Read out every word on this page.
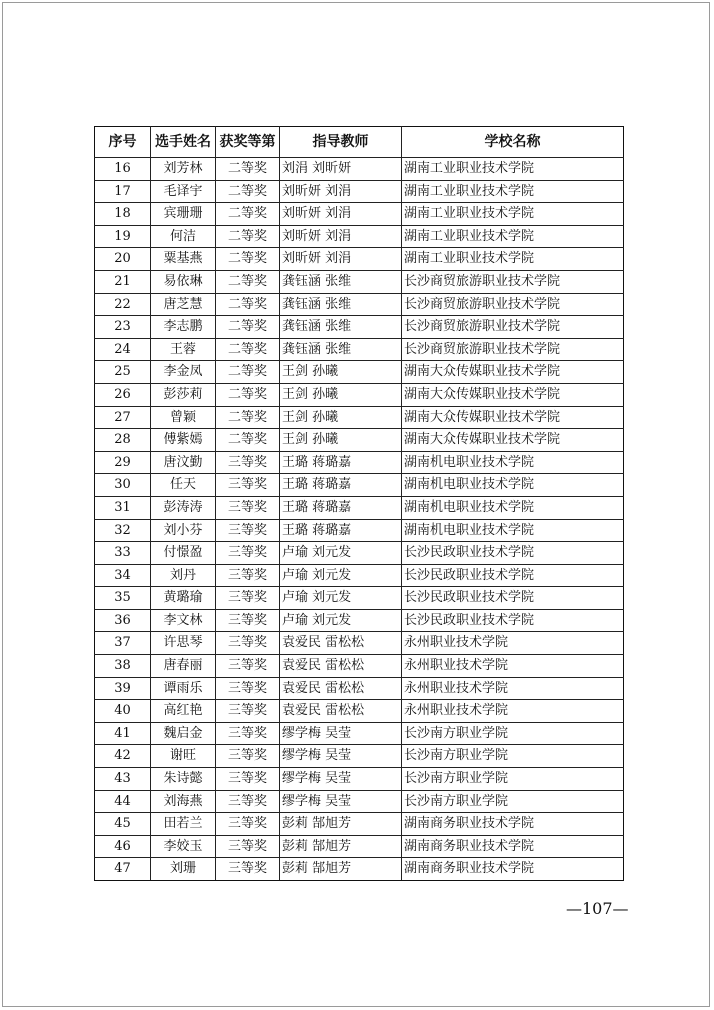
序号	选手姓名	获奖等第	指导教师	学校名称
16	刘芳林	二等奖	刘涓 刘昕妍	湖南工业职业技术学院
17	毛译宇	二等奖	刘昕妍 刘涓	湖南工业职业技术学院
18	宾珊珊	二等奖	刘昕妍 刘涓	湖南工业职业技术学院
19	何洁	二等奖	刘昕妍 刘涓	湖南工业职业技术学院
20	粟基燕	二等奖	刘昕妍 刘涓	湖南工业职业技术学院
21	易依琳	二等奖	龚钰涵 张维	长沙商贸旅游职业技术学院
22	唐芝慧	二等奖	龚钰涵 张维	长沙商贸旅游职业技术学院
23	李志鹏	二等奖	龚钰涵 张维	长沙商贸旅游职业技术学院
24	王蓉	二等奖	龚钰涵 张维	长沙商贸旅游职业技术学院
25	李金凤	二等奖	王剑 孙曦	湖南大众传媒职业技术学院
26	彭莎莉	二等奖	王剑 孙曦	湖南大众传媒职业技术学院
27	曾颖	二等奖	王剑 孙曦	湖南大众传媒职业技术学院
28	傅紫嫣	二等奖	王剑 孙曦	湖南大众传媒职业技术学院
29	唐汶勤	三等奖	王璐 蒋璐嘉	湖南机电职业技术学院
30	任天	三等奖	王璐 蒋璐嘉	湖南机电职业技术学院
31	彭涛涛	三等奖	王璐 蒋璐嘉	湖南机电职业技术学院
32	刘小芬	三等奖	王璐 蒋璐嘉	湖南机电职业技术学院
33	付憬盈	三等奖	卢瑜 刘元发	长沙民政职业技术学院
34	刘丹	三等奖	卢瑜 刘元发	长沙民政职业技术学院
35	黄璐瑜	三等奖	卢瑜 刘元发	长沙民政职业技术学院
36	李文林	三等奖	卢瑜 刘元发	长沙民政职业技术学院
37	许思琴	三等奖	袁爱民 雷松松	永州职业技术学院
38	唐春丽	三等奖	袁爱民 雷松松	永州职业技术学院
39	谭雨乐	三等奖	袁爱民 雷松松	永州职业技术学院
40	高红艳	三等奖	袁爱民 雷松松	永州职业技术学院
41	魏启金	三等奖	缪学梅 吴莹	长沙南方职业学院
42	谢旺	三等奖	缪学梅 吴莹	长沙南方职业学院
43	朱诗懿	三等奖	缪学梅 吴莹	长沙南方职业学院
44	刘海燕	三等奖	缪学梅 吴莹	长沙南方职业学院
45	田若兰	三等奖	彭莉 郜旭芳	湖南商务职业技术学院
46	李姣玉	三等奖	彭莉 郜旭芳	湖南商务职业技术学院
47	刘珊	三等奖	彭莉 郜旭芳	湖南商务职业技术学院
—107—
